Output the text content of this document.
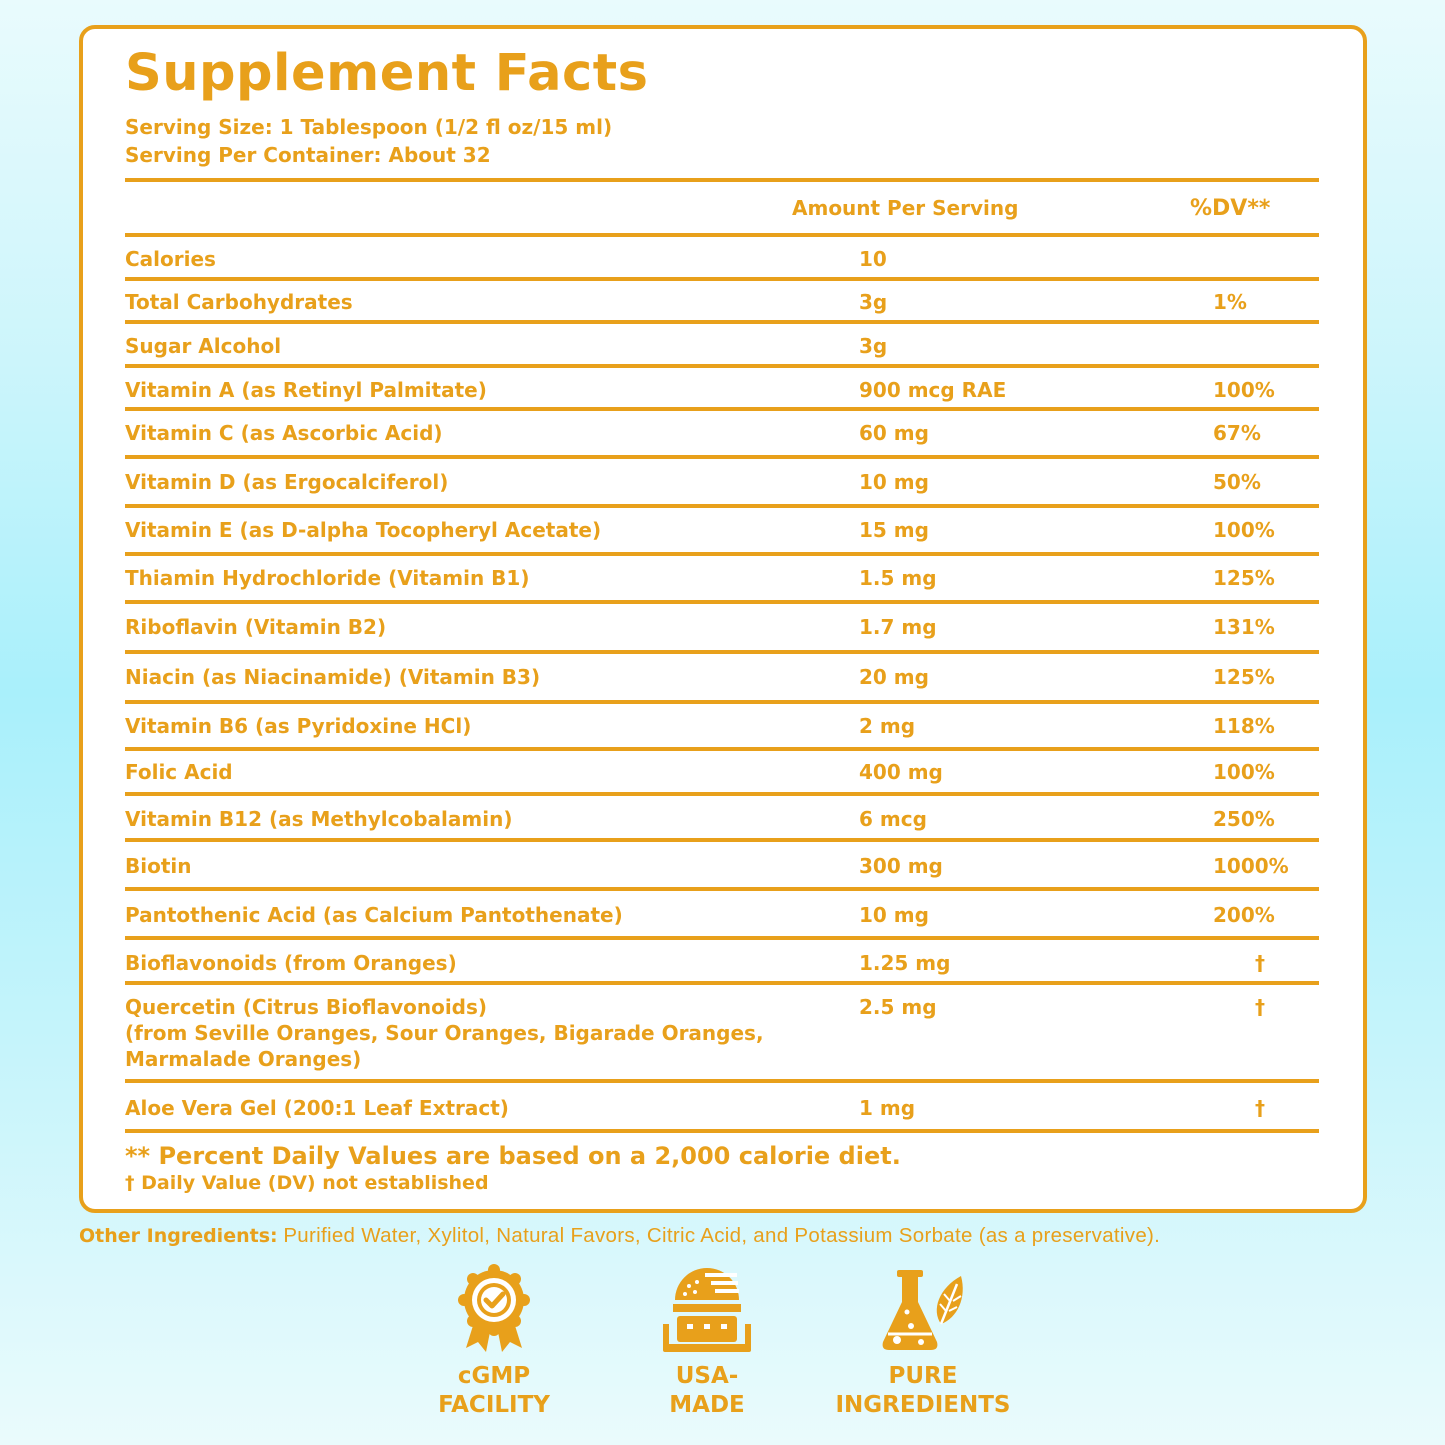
Supplement Facts
Serving Size: 1 Tablespoon (1/2 fl oz/15 ml)
Serving Per Container: About 32
Amount Per Serving	%DV**
Calories	10
Total Carbohydrates	3g	1%
Sugar Alcohol	3g
Vitamin A (as Retinyl Palmitate)	900 mcg RAE	100%
Vitamin C (as Ascorbic Acid)	60 mg	67%
Vitamin D (as Ergocalciferol)	10 mg	50%
Vitamin E (as D-alpha Tocopheryl Acetate)	15 mg	100%
Thiamin Hydrochloride (Vitamin B1)	1.5 mg	125%
Riboflavin (Vitamin B2)	1.7 mg	131%
Niacin (as Niacinamide) (Vitamin B3)	20 mg	125%
Vitamin B6 (as Pyridoxine HCl)	2 mg	118%
Folic Acid	400 mg	100%
Vitamin B12 (as Methylcobalamin)	6 mcg	250%
Biotin	300 mg	1000%
Pantothenic Acid (as Calcium Pantothenate)	10 mg	200%
Bioflavonoids (from Oranges)	1.25 mg	†
Quercetin (Citrus Bioflavonoids)
(from Seville Oranges, Sour Oranges, Bigarade Oranges,
Marmalade Oranges)
2.5 mg	†
Aloe Vera Gel (200:1 Leaf Extract)	1 mg	†
** Percent Daily Values are based on a 2,000 calorie diet.
† Daily Value (DV) not established
Other Ingredients: Purified Water, Xylitol, Natural Favors, Citric Acid, and Potassium Sorbate (as a preservative).
cGMP
FACILITY
USA-
MADE
PURE
INGREDIENTS
